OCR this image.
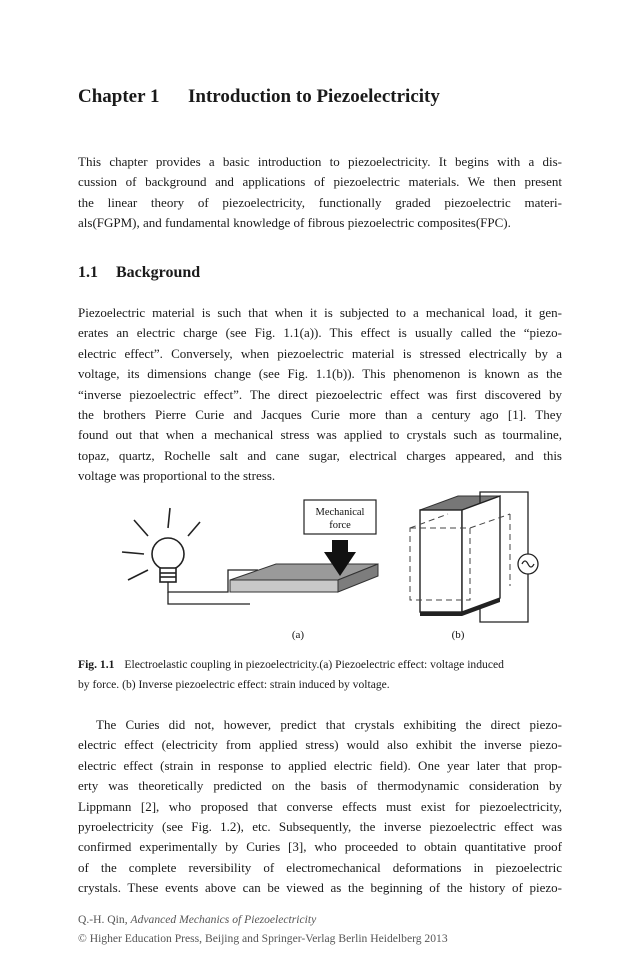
Chapter 1 Introduction to Piezoelectricity
This chapter provides a basic introduction to piezoelectricity. It begins with a dis-
cussion of background and applications of piezoelectric materials. We then present
the linear theory of piezoelectricity, functionally graded piezoelectric materi-
als(FGPM), and fundamental knowledge of fibrous piezoelectric composites(FPC).
1.1 Background
Piezoelectric material is such that when it is subjected to a mechanical load, it gen-
erates an electric charge (see Fig. 1.1(a)). This effect is usually called the “piezo-
electric effect”. Conversely, when piezoelectric material is stressed electrically by a
voltage, its dimensions change (see Fig. 1.1(b)). This phenomenon is known as the
“inverse piezoelectric effect”. The direct piezoelectric effect was first discovered by
the brothers Pierre Curie and Jacques Curie more than a century ago [1]. They
found out that when a mechanical stress was applied to crystals such as tourmaline,
topaz, quartz, Rochelle salt and cane sugar, electrical charges appeared, and this
voltage was proportional to the stress.
Mechanical
force
(a)	(b)
Fig. 1.1 Electroelastic coupling in piezoelectricity.(a) Piezoelectric effect: voltage induced
by force. (b) Inverse piezoelectric effect: strain induced by voltage.
The Curies did not, however, predict that crystals exhibiting the direct piezo-
electric effect (electricity from applied stress) would also exhibit the inverse piezo-
electric effect (strain in response to applied electric field). One year later that prop-
erty was theoretically predicted on the basis of thermodynamic consideration by
Lippmann [2], who proposed that converse effects must exist for piezoelectricity,
pyroelectricity (see Fig. 1.2), etc. Subsequently, the inverse piezoelectric effect was
confirmed experimentally by Curies [3], who proceeded to obtain quantitative proof
of the complete reversibility of electromechanical deformations in piezoelectric
crystals. These events above can be viewed as the beginning of the history of piezo-
Q.-H. Qin, Advanced Mechanics of Piezoelectricity
© Higher Education Press, Beijing and Springer-Verlag Berlin Heidelberg 2013
